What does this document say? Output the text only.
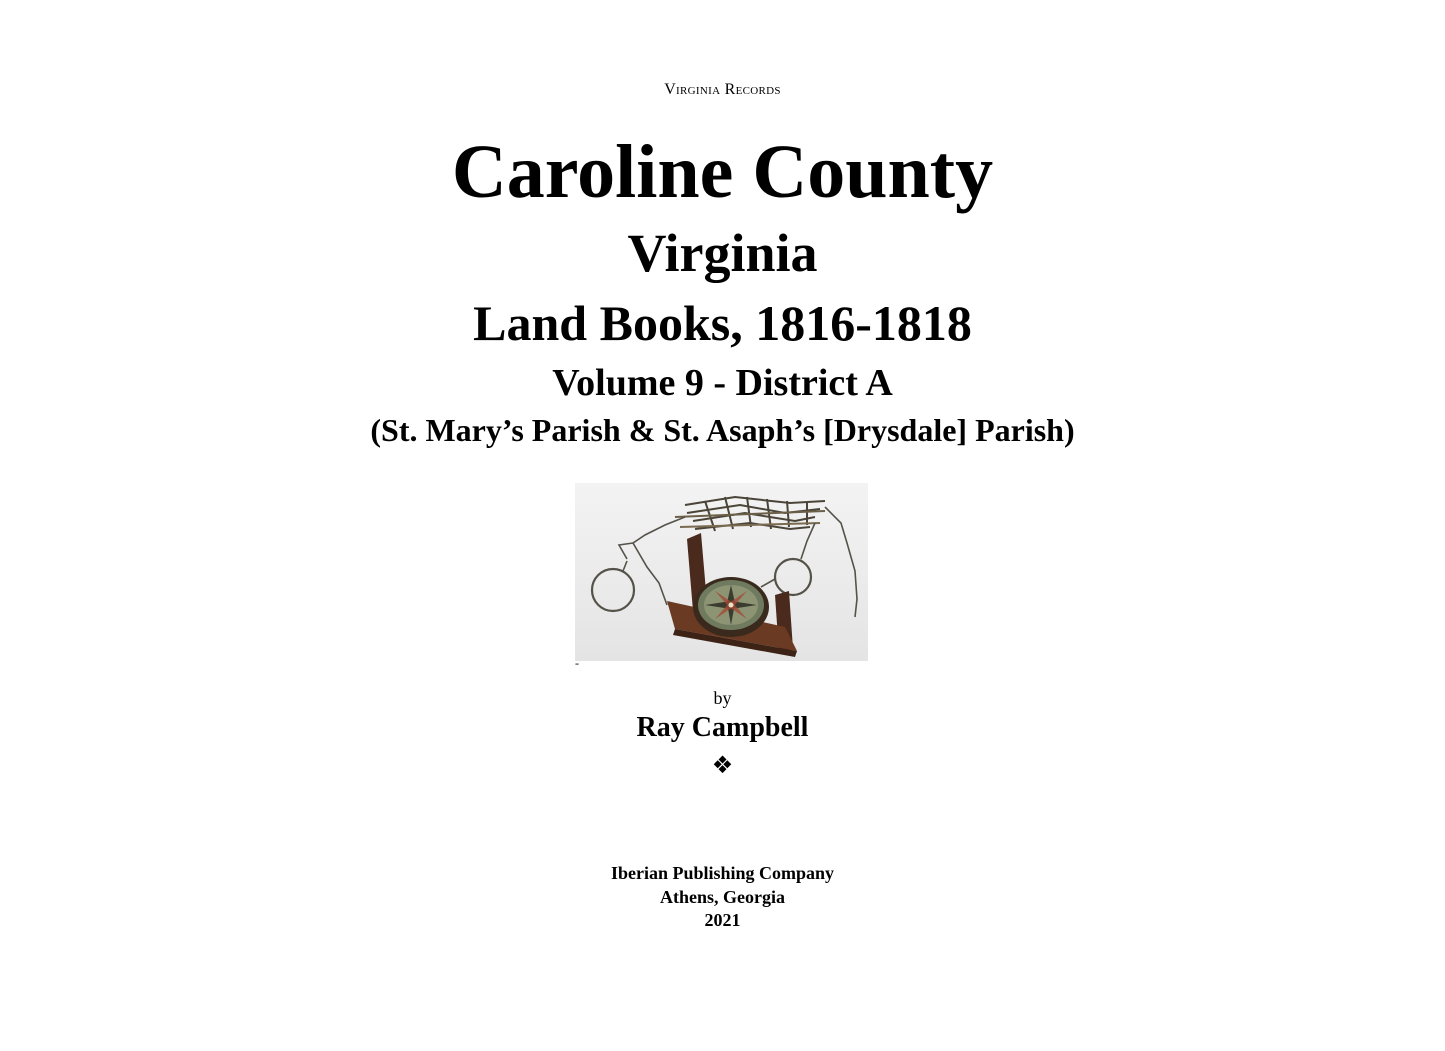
Virginia Records
Caroline County
Virginia
Land Books, 1816-1818
Volume 9 - District A
(St. Mary’s Parish & St. Asaph’s [Drysdale] Parish)
-
by
Ray Campbell
❖
Iberian Publishing Company
Athens, Georgia
2021
